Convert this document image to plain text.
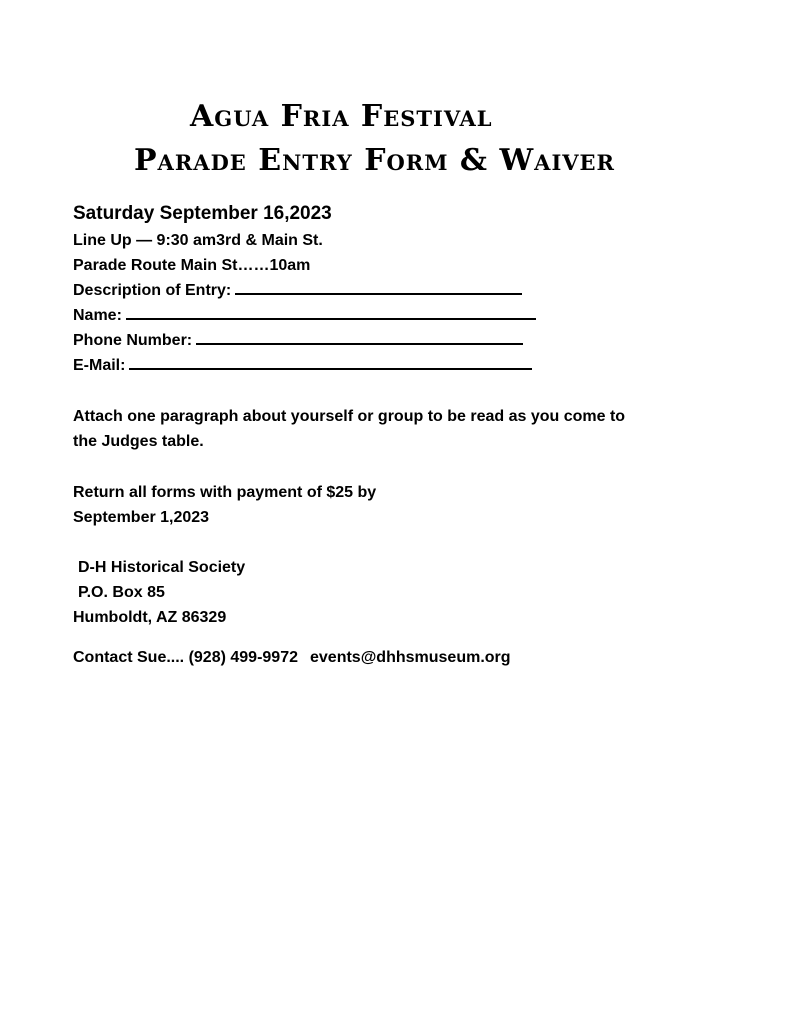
Agua Fria Festival
Parade Entry Form & Waiver

Saturday September 16,2023

Line Up — 9:30 am3rd & Main St.

Parade Route Main St……10am

Description of Entry:

Name:

Phone Number:

E-Mail:

Attach one paragraph about yourself or group to be read as you come to
the Judges table.
Return all forms with payment of $25 by
September 1,2023
D-H Historical Society
P.O. Box 85
Humboldt, AZ 86329
Contact Sue.... (928) 499-9972 events@dhhsmuseum.org
